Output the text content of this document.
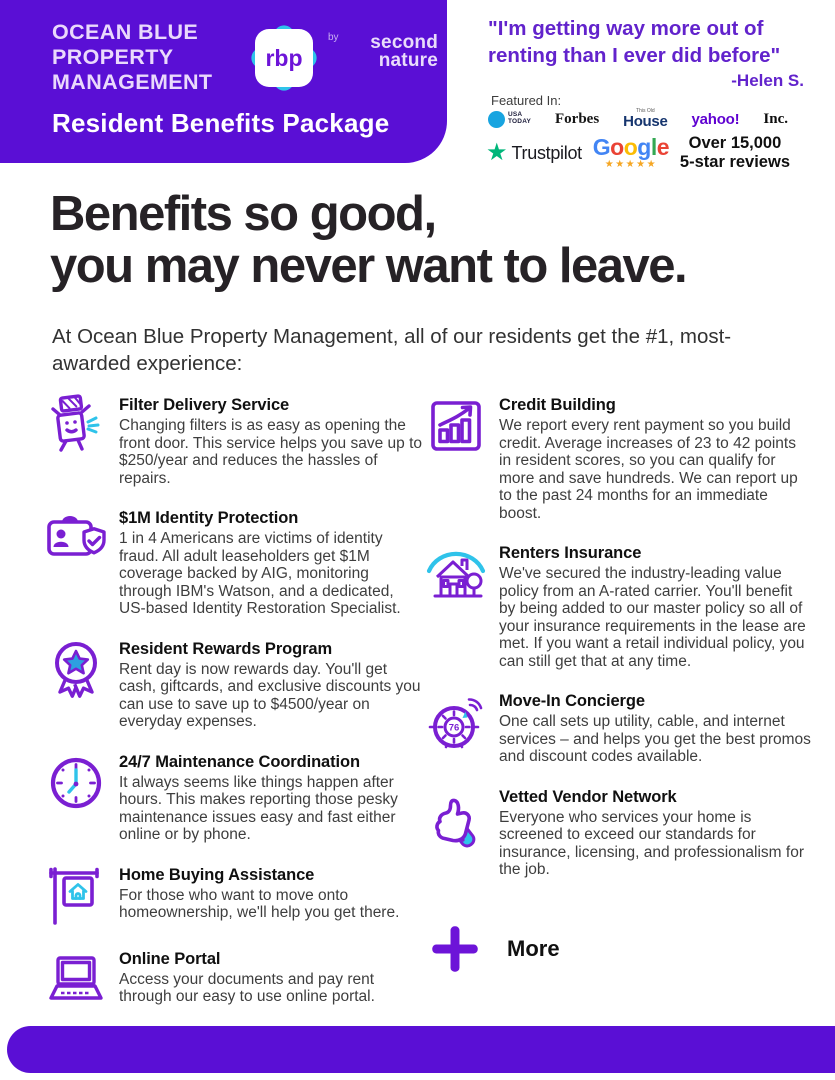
OCEAN BLUE
PROPERTY
MANAGEMENT
rbp
by	second
nature
Resident Benefits Package
"I'm getting way more out of
renting than I ever did before"
-Helen S.
Featured In:
USA
TODAY Forbes	This Old
House yahoo! Inc.
★ Trustpilot Google
★★★★★
Over 15,000
5-star reviews
Benefits so good,
you may never want to leave.
At Ocean Blue Property Management, all of our residents get the #1, most-awarded experience:
Filter Delivery Service
Changing filters is as easy as opening the front door. This service helps you save up to $250/year and reduces the hassles of repairs.
$1M Identity Protection
1 in 4 Americans are victims of identity fraud. All adult leaseholders get $1M coverage backed by AIG, monitoring through IBM's Watson, and a dedicated, US-based Identity Restoration Specialist.
Resident Rewards Program
Rent day is now rewards day. You'll get cash, giftcards, and exclusive discounts you can use to save up to $4500/year on everyday expenses.
24/7 Maintenance Coordination
It always seems like things happen after hours. This makes reporting those pesky maintenance issues easy and fast either online or by phone.
Home Buying Assistance
For those who want to move onto homeownership, we'll help you get there.
Online Portal
Access your documents and pay rent through our easy to use online portal.
Credit Building
We report every rent payment so you build credit. Average increases of 23 to 42 points in resident scores, so you can qualify for more and save hundreds. We can report up to the past 24 months for an immediate boost.
Renters Insurance
We've secured the industry-leading value policy from an A-rated carrier. You'll benefit by being added to our master policy so all of your insurance requirements in the lease are met. If you want a retail individual policy, you can still get that at any time.
76
Move-In Concierge
One call sets up utility, cable, and internet services – and helps you get the best promos and discount codes available.
Vetted Vendor Network
Everyone who services your home is screened to exceed our standards for insurance, licensing, and professionalism for the job.
More
